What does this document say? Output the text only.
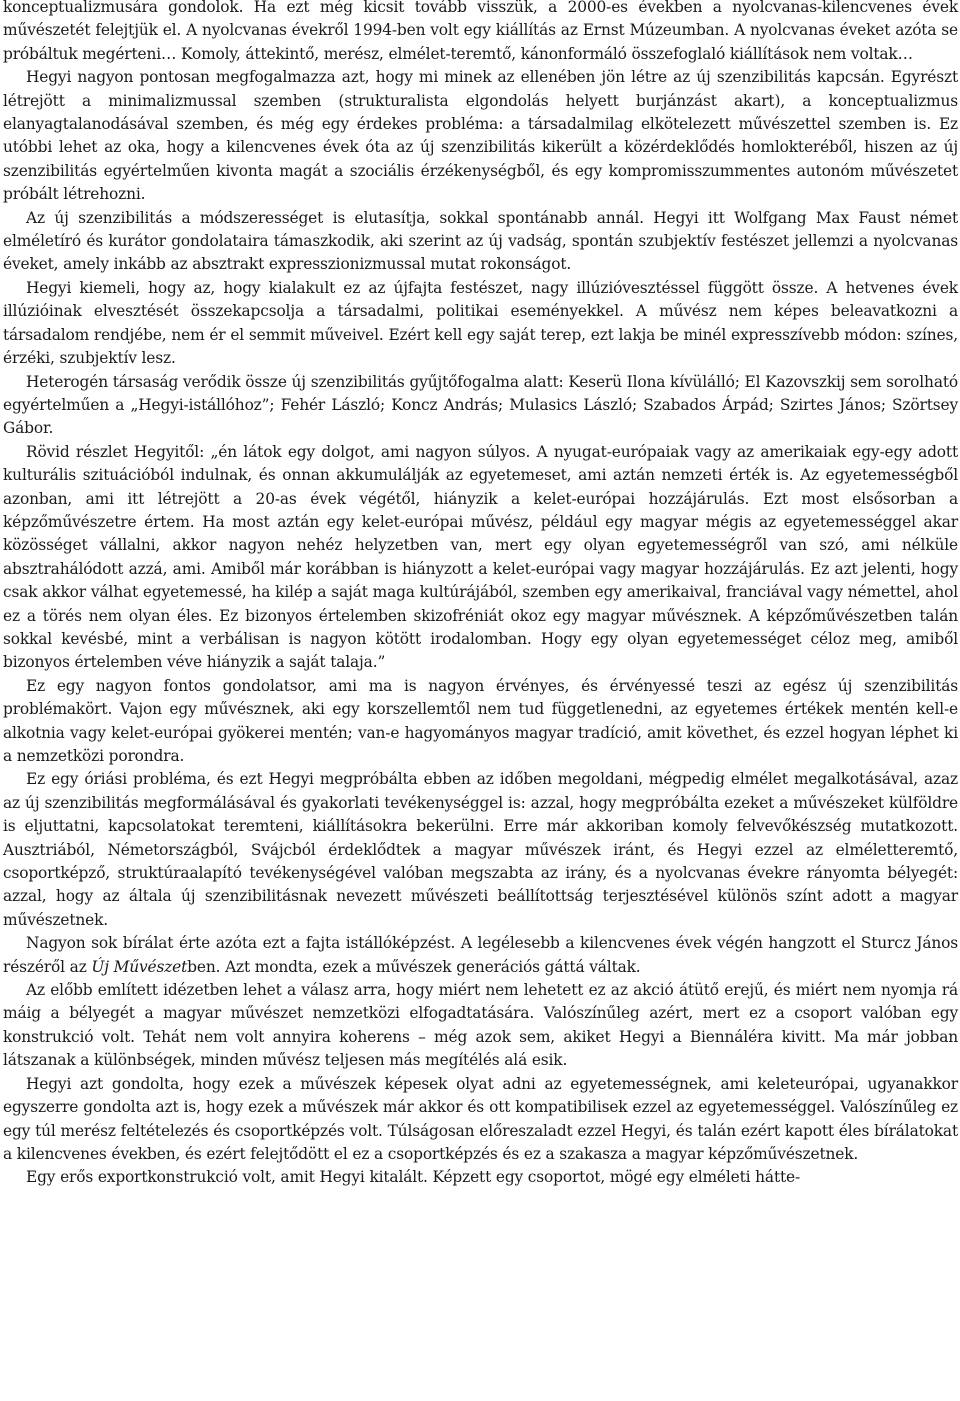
konceptualizmusára gondolok. Ha ezt még kicsit tovább visszük, a 2000-es években a nyolcvanas-kilencvenes évek művészetét felejtjük el. A nyolcvanas évekről 1994-ben volt egy kiállítás az Ernst Múzeumban. A nyolcvanas éveket azóta se próbáltuk megérteni… Komoly, áttekintő, merész, elmélet-teremtő, kánonformáló összefoglaló kiállítások nem voltak…

Hegyi nagyon pontosan megfogalmazza azt, hogy mi minek az ellenében jön létre az új szenzibilitás kapcsán. Egyrészt létrejött a minimalizmussal szemben (strukturalista elgondolás helyett burjánzást akart), a konceptualizmus elanyagtalanodásával szemben, és még egy érdekes probléma: a társadalmilag elkötelezett művészettel szemben is. Ez utóbbi lehet az oka, hogy a kilencvenes évek óta az új szenzibilitás kikerült a közérdeklődés homlokteréből, hiszen az új szenzibilitás egyértelműen kivonta magát a szociális érzékenységből, és egy kompromisszummentes autonóm művészetet próbált létrehozni.

Az új szenzibilitás a módszerességet is elutasítja, sokkal spontánabb annál. Hegyi itt Wolfgang Max Faust német elméletíró és kurátor gondolataira támaszkodik, aki szerint az új vadság, spontán szubjektív festészet jellemzi a nyolcvanas éveket, amely inkább az absztrakt expresszionizmussal mutat rokonságot.

Hegyi kiemeli, hogy az, hogy kialakult ez az újfajta festészet, nagy illúzióvesztéssel függött össze. A hetvenes évek illúzióinak elvesztését összekapcsolja a társadalmi, politikai eseményekkel. A művész nem képes beleavatkozni a társadalom rendjébe, nem ér el semmit műveivel. Ezért kell egy saját terep, ezt lakja be minél expresszívebb módon: színes, érzéki, szubjektív lesz.

Heterogén társaság verődik össze új szenzibilitás gyűjtőfogalma alatt: Keserü Ilona kívülálló; El Kazovszkij sem sorolható egyértelműen a „Hegyi-istállóhoz”; Fehér László; Koncz András; Mulasics László; Szabados Árpád; Szirtes János; Szörtsey Gábor.

Rövid részlet Hegyitől: „én látok egy dolgot, ami nagyon súlyos. A nyugat-európaiak vagy az amerikaiak egy-egy adott kulturális szituációból indulnak, és onnan akkumulálják az egyetemeset, ami aztán nemzeti érték is. Az egyetemességből azonban, ami itt létrejött a 20-as évek végétől, hiányzik a kelet-európai hozzájárulás. Ezt most elsősorban a képzőművészetre értem. Ha most aztán egy kelet-európai művész, például egy magyar mégis az egyetemességgel akar közösséget vállalni, akkor nagyon nehéz helyzetben van, mert egy olyan egyetemességről van szó, ami nélküle absztrahálódott azzá, ami. Amiből már korábban is hiányzott a kelet-európai vagy magyar hozzájárulás. Ez azt jelenti, hogy csak akkor válhat egyetemessé, ha kilép a saját maga kultúrájából, szemben egy amerikaival, franciával vagy némettel, ahol ez a törés nem olyan éles. Ez bizonyos értelemben skizofréniát okoz egy magyar művésznek. A képzőművészetben talán sokkal kevésbé, mint a verbálisan is nagyon kötött irodalomban. Hogy egy olyan egyetemességet céloz meg, amiből bizonyos értelemben véve hiányzik a saját talaja.”

Ez egy nagyon fontos gondolatsor, ami ma is nagyon érvényes, és érvényessé teszi az egész új szenzibilitás problémakört. Vajon egy művésznek, aki egy korszellemtől nem tud függetlenedni, az egyetemes értékek mentén kell-e alkotnia vagy kelet-európai gyökerei mentén; van-e hagyományos magyar tradíció, amit követhet, és ezzel hogyan léphet ki a nemzetközi porondra.

Ez egy óriási probléma, és ezt Hegyi megpróbálta ebben az időben megoldani, mégpedig elmélet megalkotásával, azaz az új szenzibilitás megformálásával és gyakorlati tevékenységgel is: azzal, hogy megpróbálta ezeket a művészeket külföldre is eljuttatni, kapcsolatokat teremteni, kiállításokra bekerülni. Erre már akkoriban komoly felvevőkészség mutatkozott. Ausztriából, Németországból, Svájcból érdeklődtek a magyar művészek iránt, és Hegyi ezzel az elméletteremtő, csoportképző, struktúraalapító tevékenységével valóban megszabta az irány, és a nyolcvanas évekre rányomta bélyegét: azzal, hogy az általa új szenzibilitásnak nevezett művészeti beállítottság terjesztésével különös színt adott a magyar művészetnek.

Nagyon sok bírálat érte azóta ezt a fajta istállóképzést. A legélesebb a kilencvenes évek végén hangzott el Sturcz János részéről az Új Művészetben. Azt mondta, ezek a művészek generációs gáttá váltak.

Az előbb említett idézetben lehet a válasz arra, hogy miért nem lehetett ez az akció átütő erejű, és miért nem nyomja rá máig a bélyegét a magyar művészet nemzetközi elfogadtatására. Valószínűleg azért, mert ez a csoport valóban egy konstrukció volt. Tehát nem volt annyira koherens – még azok sem, akiket Hegyi a Biennáléra kivitt. Ma már jobban látszanak a különbségek, minden művész teljesen más megítélés alá esik.

Hegyi azt gondolta, hogy ezek a művészek képesek olyat adni az egyetemességnek, ami keleteurópai, ugyanakkor egyszerre gondolta azt is, hogy ezek a művészek már akkor és ott kompatibilisek ezzel az egyetemességgel. Valószínűleg ez egy túl merész feltételezés és csoportképzés volt. Túlságosan előreszaladt ezzel Hegyi, és talán ezért kapott éles bírálatokat a kilencvenes években, és ezért felejtődött el ez a csoportképzés és ez a szakasza a magyar képzőművészetnek.

Egy erős exportkonstrukció volt, amit Hegyi kitalált. Képzett egy csoportot, mögé egy elméleti hátte-
